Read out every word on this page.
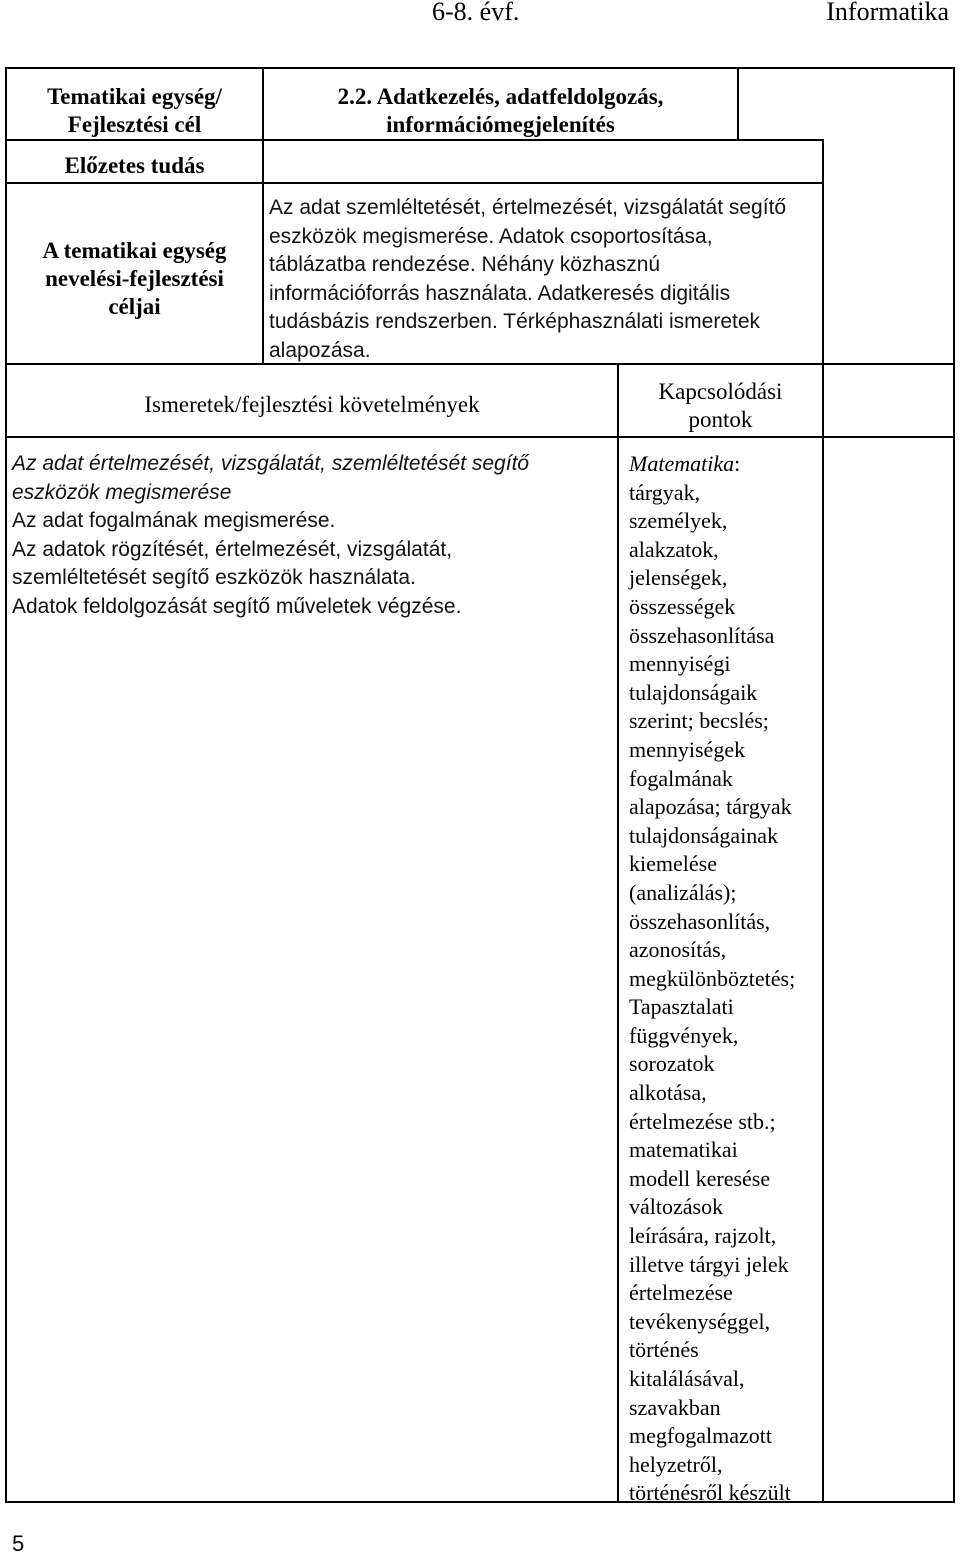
6-8. évf.	Informatika
Tematikai egység/ Fejlesztési cél
2.2. Adatkezelés, adatfeldolgozás,
információmegjelenítés
Előzetes tudás
A tematikai egység
nevelési-fejlesztési
céljai
Az adat szemléltetését, értelmezését, vizsgálatát segítő
eszközök megismerése. Adatok csoportosítása,
táblázatba rendezése. Néhány közhasznú
információforrás használata. Adatkeresés digitális
tudásbázis rendszerben. Térképhasználati ismeretek
alapozása.
Ismeretek/fejlesztési követelmények
Kapcsolódási
pontok
Az adat értelmezését, vizsgálatát, szemléltetését segítő
eszközök megismerése
Az adat fogalmának megismerése.
Az adatok rögzítését, értelmezését, vizsgálatát,
szemléltetését segítő eszközök használata.
Adatok feldolgozását segítő műveletek végzése.
Matematika:
tárgyak,
személyek,
alakzatok,
jelenségek,
összességek
összehasonlítása
mennyiségi
tulajdonságaik
szerint; becslés;
mennyiségek
fogalmának
alapozása; tárgyak
tulajdonságainak
kiemelése
(analizálás);
összehasonlítás,
azonosítás,
megkülönböztetés;
Tapasztalati
függvények,
sorozatok
alkotása,
értelmezése stb.;
matematikai
modell keresése
változások
leírására, rajzolt,
illetve tárgyi jelek
értelmezése
tevékenységgel,
történés
kitalálásával,
szavakban
megfogalmazott
helyzetről,
történésről készült
5
